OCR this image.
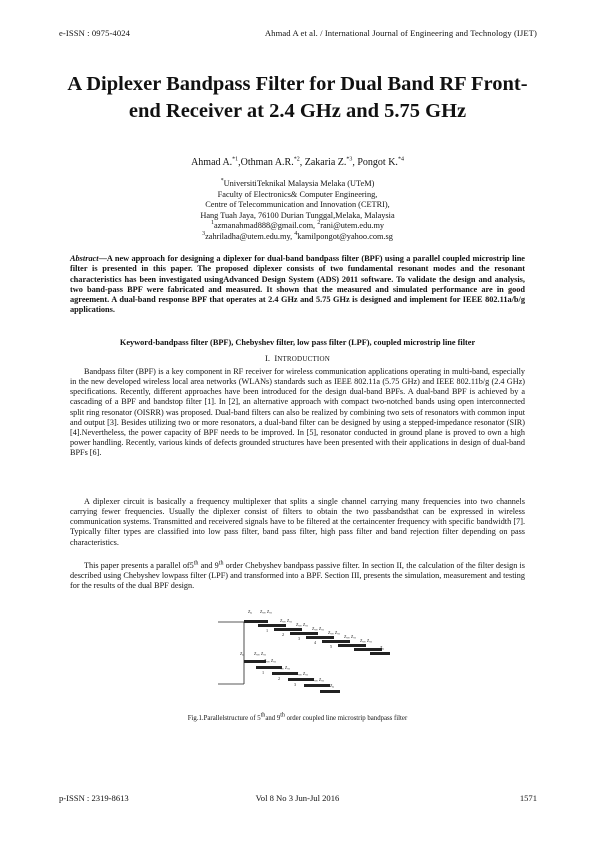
e-ISSN : 0975-4024	Ahmad A et al. / International Journal of Engineering and Technology (IJET)
A Diplexer Bandpass Filter for Dual Band RF Front-end Receiver at 2.4 GHz and 5.75 GHz
Ahmad A.$^{*1}$,Othman A.R.$^{*2}$, Zakaria Z.$^{*3}$, Pongot K.$^{*4}$
*UniversitiTeknikal Malaysia Melaka (UTeM)
Faculty of Electronics& Computer Engineering,
Centre of Telecommunication and Innovation (CETRI),
Hang Tuah Jaya, 76100 Durian Tunggal,Melaka, Malaysia
$^1$azmanahmad888@gmail.com, $^2$rani@utem.edu.my
$^3$zahriladha@utem.edu.my, $^4$kamilpongot@yahoo.com.sg
Abstract—A new approach for designing a diplexer for dual-band bandpass filter (BPF) using a parallel coupled microstrip line filter is presented in this paper. The proposed diplexer consists of two fundamental resonant modes and the resonant characteristics has been investigated usingAdvanced Design System (ADS) 2011 software. To validate the design and analysis, two band-pass BPF were fabricated and measured. It shown that the measured and simulated performance are in good agreement. A dual-band response BPF that operates at 2.4 GHz and 5.75 GHz is designed and implement for IEEE 802.11a/b/g applications.
Keyword-bandpass filter (BPF), Chebyshev filter, low pass filter (LPF), coupled microstrip line filter
I. INTRODUCTION

Bandpass filter (BPF) is a key component in RF receiver for wireless communication applications operating in multi-band, especially in the new developed wireless local area networks (WLANs) standards such as IEEE 802.11a (5.75 GHz) and IEEE 802.11b/g (2.4 GHz) specifications. Recently, different approaches have been introduced for the design dual-band BPFs. A dual-band BPF is achieved by a cascading of a BPF and bandstop filter [1]. In [2], an alternative approach with compact two-notched bands using open interconnected split ring resonator (OISRR) was proposed. Dual-band filters can also be realized by combining two sets of resonators with common input and output [3]. Besides utilizing two or more resonators, a dual-band filter can be designed by using a stepped-impedance resonator (SIR) [4].Nevertheless, the power capacity of BPF needs to be improved. In [5], resonator conducted in ground plane is proved to own a high power handling. Recently, various kinds of defects grounded structures have been presented with their applications in design of dual-band BPFs [6].

A diplexer circuit is basically a frequency multiplexer that splits a single channel carrying many frequencies into two channels carrying fewer frequencies. Usually the diplexer consist of filters to obtain the two passbandsthat can be expressed in wireless communication systems. Transmitted and receivered signals have to be filtered at the certaincenter frequency with specific bandwidth [7]. Typically filter types are classified into low pass filter, band pass filter, high pass filter and band rejection filter depending on pass characteristics.

This paper presents a parallel of5th and 9th order Chebyshev bandpass passive filter. In section II, the calculation of the filter design is described using Chebyshev lowpass filter (LPF) and transformed into a BPF. Section III, presents the simulation, measurement and testing for the results of the dual BPF design.

Z₀ Zₒₑ, Zₒₒ
Zₒₑ, Zₒₒ
Zₒₑ, Zₒₒ
Zₒₑ, Zₒₒ
Zₒₑ, Zₒₒ
Zₒₑ, Zₒₒ
Zₒₑ, Zₒₒ
Z₀
1
2
3
4
5
Z₀ Zₒₑ, Zₒₒ
Zₒₑ, Zₒₒ
Zₒₑ, Zₒₒ
Zₒₑ, Zₒₒ
Zₒₑ, Zₒₒ
Z₀
1
2
3
Fig.1.Parallelstructure of 5thand 9th order coupled line microstrip bandpass filter
p-ISSN : 2319-8613	Vol 8 No 3 Jun-Jul 2016	1571
